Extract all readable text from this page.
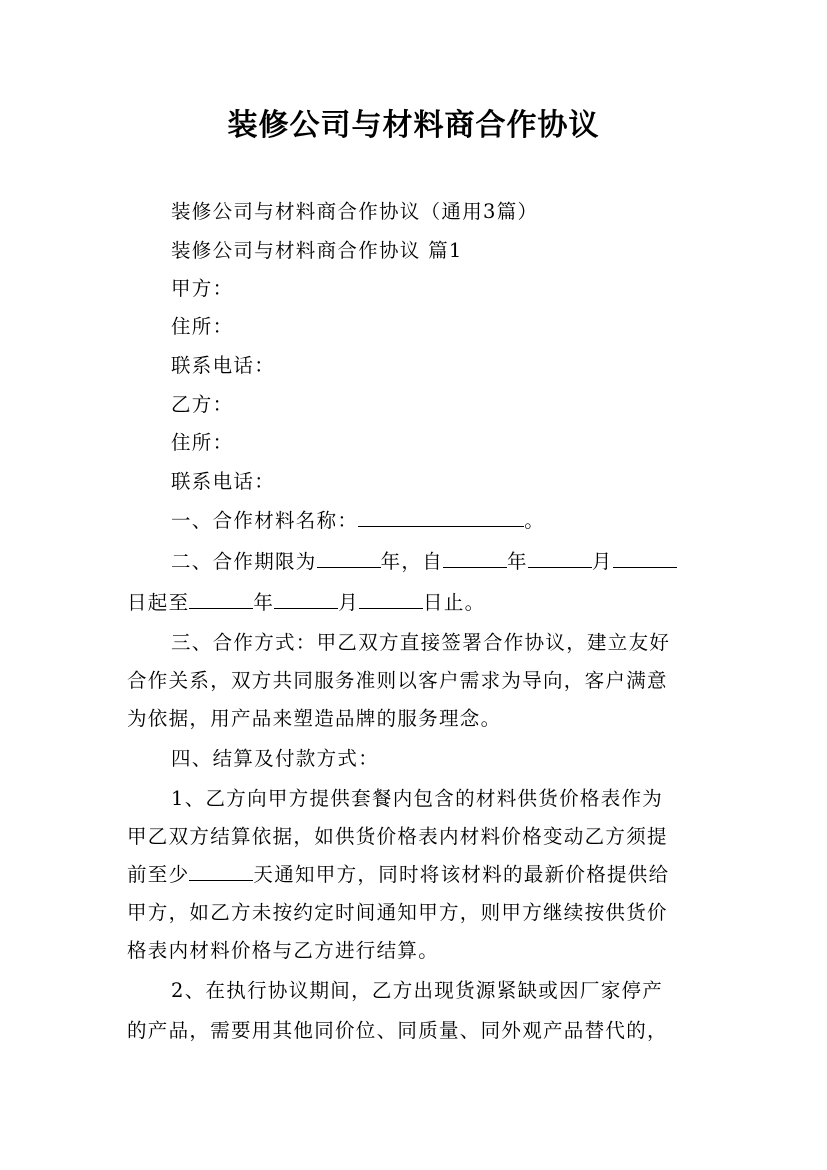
装修公司与材料商合作协议
装修公司与材料商合作协议（通用3篇）
装修公司与材料商合作协议 篇1
甲方：
住所：
联系电话：
乙方：
住所：
联系电话：
一、合作材料名称：	。
二、合作期限为	年，自	年	月
日起至	年	月	日止。
三、合作方式：甲乙双方直接签署合作协议，建立友好
合作关系，双方共同服务准则以客户需求为导向，客户满意
为依据，用产品来塑造品牌的服务理念。
四、结算及付款方式：
1、乙方向甲方提供套餐内包含的材料供货价格表作为
甲乙双方结算依据，如供货价格表内材料价格变动乙方须提
前至少	天通知甲方，同时将该材料的最新价格提供给
甲方，如乙方未按约定时间通知甲方，则甲方继续按供货价
格表内材料价格与乙方进行结算。
2、在执行协议期间，乙方出现货源紧缺或因厂家停产
的产品，需要用其他同价位、同质量、同外观产品替代的，
